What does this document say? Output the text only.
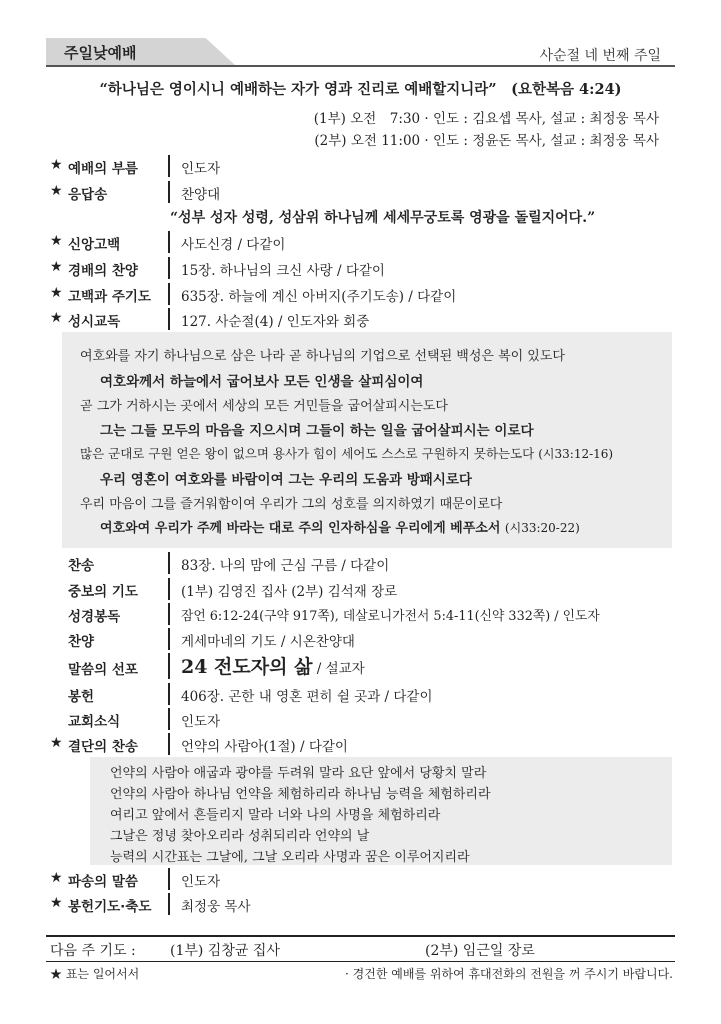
주일낮예배	사순절 네 번째 주일
“하나님은 영이시니 예배하는 자가 영과 진리로 예배할지니라”　(요한복음 4:24)
(1부) 오전　7:30 · 인도 : 김요셉 목사, 설교 : 최정웅 목사
(2부) 오전 11:00 · 인도 : 정윤돈 목사, 설교 : 최정웅 목사
★ 예배의 부름	인도자
★ 응답송	찬양대
“성부 성자 성령, 성삼위 하나님께 세세무궁토록 영광을 돌릴지어다.”
★ 신앙고백	사도신경 / 다같이
★ 경배의 찬양	15장. 하나님의 크신 사랑 / 다같이
★ 고백과 주기도 635장. 하늘에 계신 아버지(주기도송) / 다같이
★ 성시교독	127. 사순절(4) / 인도자와 회중
여호와를 자기 하나님으로 삼은 나라 곧 하나님의 기업으로 선택된 백성은 복이 있도다
여호와께서 하늘에서 굽어보사 모든 인생을 살피심이여
곧 그가 거하시는 곳에서 세상의 모든 거민들을 굽어살피시는도다
그는 그들 모두의 마음을 지으시며 그들이 하는 일을 굽어살피시는 이로다
많은 군대로 구원 얻은 왕이 없으며 용사가 힘이 세어도 스스로 구원하지 못하는도다 (시33:12-16)
우리 영혼이 여호와를 바람이여 그는 우리의 도움과 방패시로다
우리 마음이 그를 즐거워함이여 우리가 그의 성호를 의지하였기 때문이로다
여호와여 우리가 주께 바라는 대로 주의 인자하심을 우리에게 베푸소서 (시33:20-22)
찬송	83장. 나의 맘에 근심 구름 / 다같이
중보의 기도	(1부) 김영진 집사 (2부) 김석재 장로
성경봉독	잠언 6:12-24(구약 917쪽), 데살로니가전서 5:4-11(신약 332쪽) / 인도자
찬양	게세마네의 기도 / 시온찬양대
말씀의 선포 24 전도자의 삶 / 설교자
봉헌	406장. 곤한 내 영혼 편히 쉴 곳과 / 다같이
교회소식	인도자
★ 결단의 찬송	언약의 사람아(1절) / 다같이
언약의 사람아 애굽과 광야를 두려워 말라 요단 앞에서 당황치 말라
언약의 사람아 하나님 언약을 체험하리라 하나님 능력을 체험하리라
여리고 앞에서 흔들리지 말라 너와 나의 사명을 체험하리라
그날은 정녕 찾아오리라 성취되리라 언약의 날
능력의 시간표는 그날에, 그날 오리라 사명과 꿈은 이루어지리라
★ 파송의 말씀	인도자
★ 봉헌기도·축도 최정웅 목사
다음 주 기도 : (1부) 김창균 집사	(2부) 임근일 장로
★ 표는 일어서서	· 경건한 예배를 위하여 휴대전화의 전원을 꺼 주시기 바랍니다.
